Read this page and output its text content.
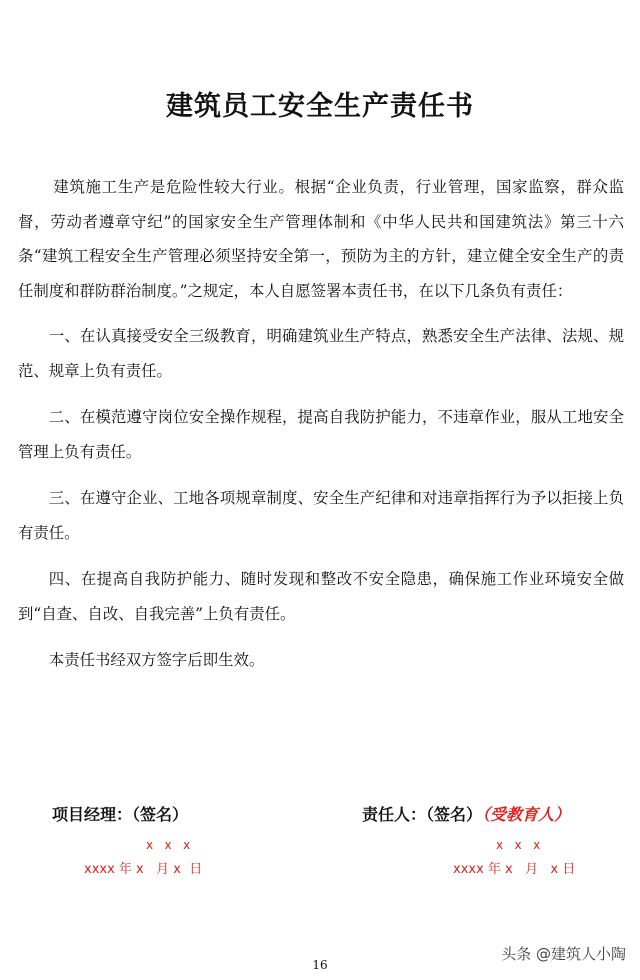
建筑员工安全生产责任书

建筑施工生产是危险性较大行业。根据“企业负责，行业管理，国家监察，群众监督，劳动者遵章守纪”的国家安全生产管理体制和《中华人民共和国建筑法》第三十六条“建筑工程安全生产管理必须坚持安全第一，预防为主的方针，建立健全安全生产的责任制度和群防群治制度。”之规定，本人自愿签署本责任书，在以下几条负有责任：

一、在认真接受安全三级教育，明确建筑业生产特点，熟悉安全生产法律、法规、规范、规章上负有责任。

二、在模范遵守岗位安全操作规程，提高自我防护能力，不违章作业，服从工地安全管理上负有责任。

三、在遵守企业、工地各项规章制度、安全生产纪律和对违章指挥行为予以拒接上负有责任。

四、在提高自我防护能力、随时发现和整改不安全隐患，确保施工作业环境安全做到“自查、自改、自我完善”上负有责任。

本责任书经双方签字后即生效。

项目经理：（签名）	责任人：（签名）（受教育人）
x   x   x
xxxx 年 x   月 x  日
x   x   x
xxxx 年 x   月   x 日
16
头条 @建筑人小陶
